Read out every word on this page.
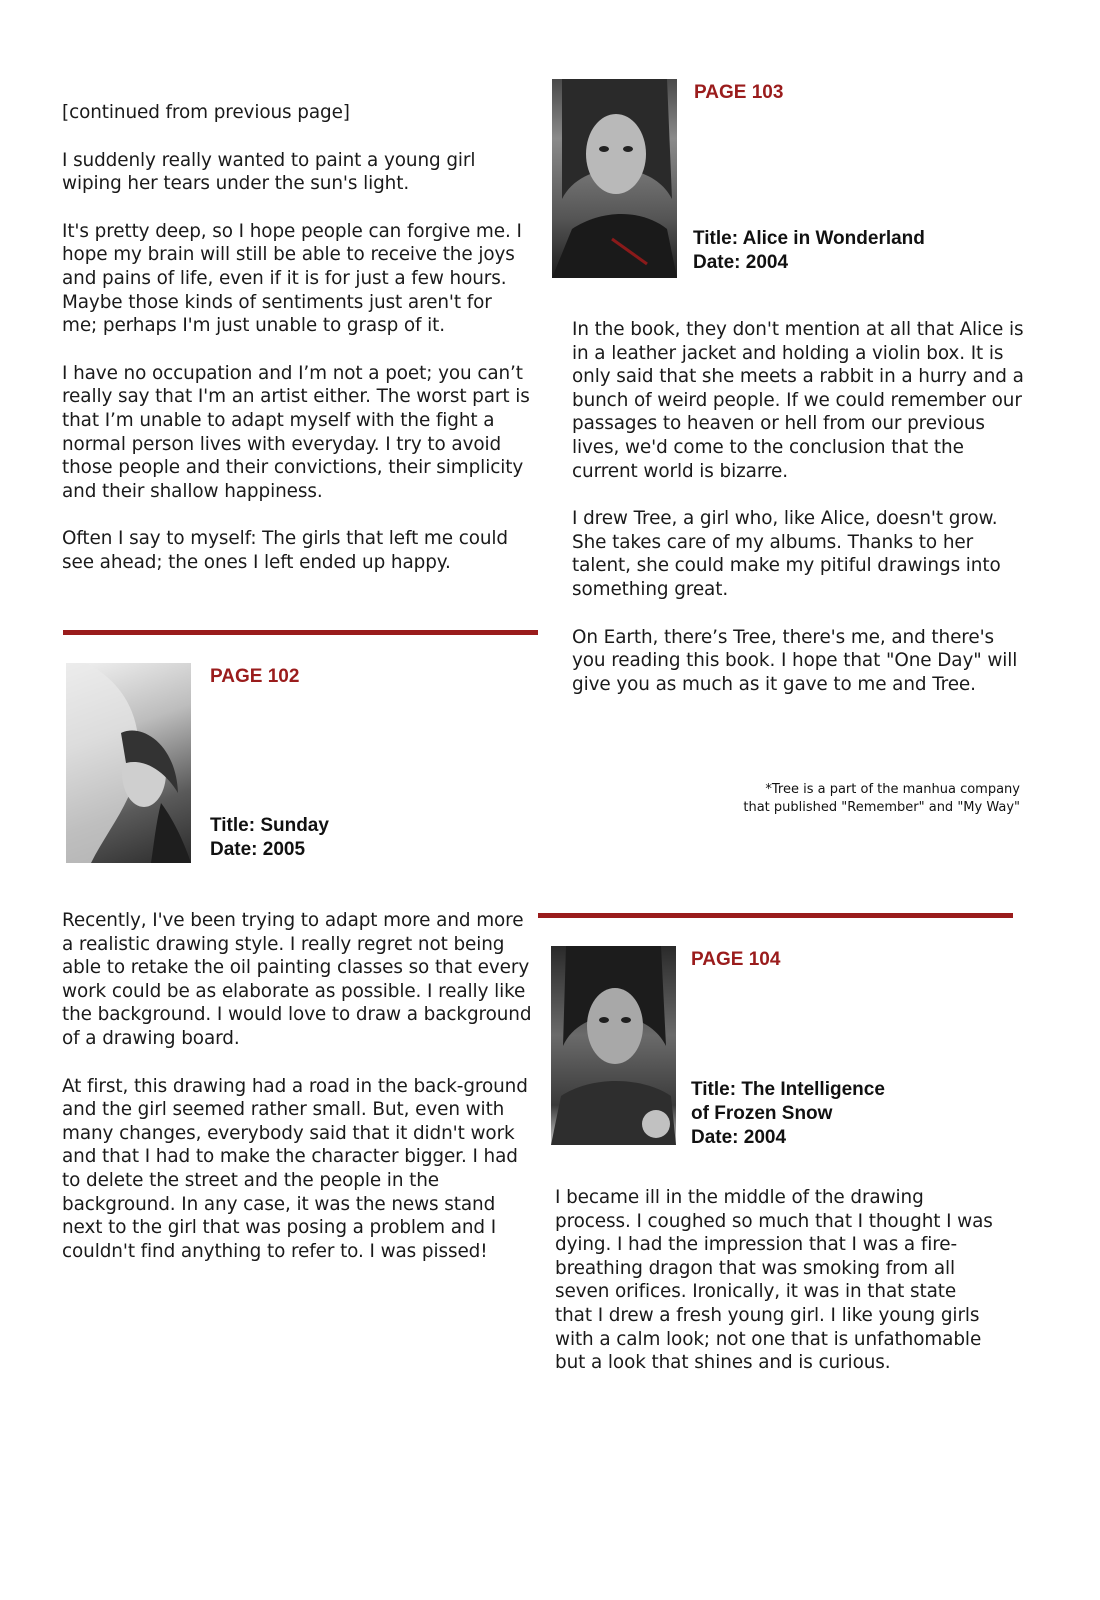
[continued from previous page]

I suddenly really wanted to paint a young girl wiping her tears under the sun's light.

It's pretty deep, so I hope people can forgive me. I hope my brain will still be able to receive the joys and pains of life, even if it is for just a few hours. Maybe those kinds of sentiments just aren't for me; perhaps I'm just unable to grasp of it.

I have no occupation and I’m not a poet; you can’t really say that I'm an artist either. The worst part is that I’m unable to adapt myself with the fight a normal person lives with everyday. I try to avoid those people and their convictions, their simplicity and their shallow happiness.

Often I say to myself: The girls that left me could see ahead; the ones I left ended up happy.

PAGE 102
Title: Sunday
Date: 2005

Recently, I've been trying to adapt more and more a realistic drawing style. I really regret not being able to retake the oil painting classes so that every work could be as elaborate as possible. I really like the background. I would love to draw a background of a drawing board.

At first, this drawing had a road in the back-ground and the girl seemed rather small. But, even with many changes, everybody said that it didn't work and that I had to make the character bigger. I had to delete the street and the people in the background. In any case, it was the news stand next to the girl that was posing a problem and I couldn't find anything to refer to. I was pissed!

PAGE 103
Title: Alice in Wonderland
Date: 2004

In the book, they don't mention at all that Alice is in a leather jacket and holding a violin box. It is only said that she meets a rabbit in a hurry and a bunch of weird people. If we could remember our passages to heaven or hell from our previous lives, we'd come to the conclusion that the current world is bizarre.

I drew Tree, a girl who, like Alice, doesn't grow. She takes care of my albums. Thanks to her talent, she could make my pitiful drawings into something great.

On Earth, there’s Tree, there's me, and there's you reading this book. I hope that "One Day" will give you as much as it gave to me and Tree.

*Tree is a part of the manhua company
that published "Remember" and "My Way"
PAGE 104
Title: The Intelligence
of Frozen Snow
Date: 2004

I became ill in the middle of the drawing process. I coughed so much that I thought I was dying. I had the impression that I was a fire-breathing dragon that was smoking from all seven orifices. Ironically, it was in that state that I drew a fresh young girl. I like young girls with a calm look; not one that is unfathomable but a look that shines and is curious.
